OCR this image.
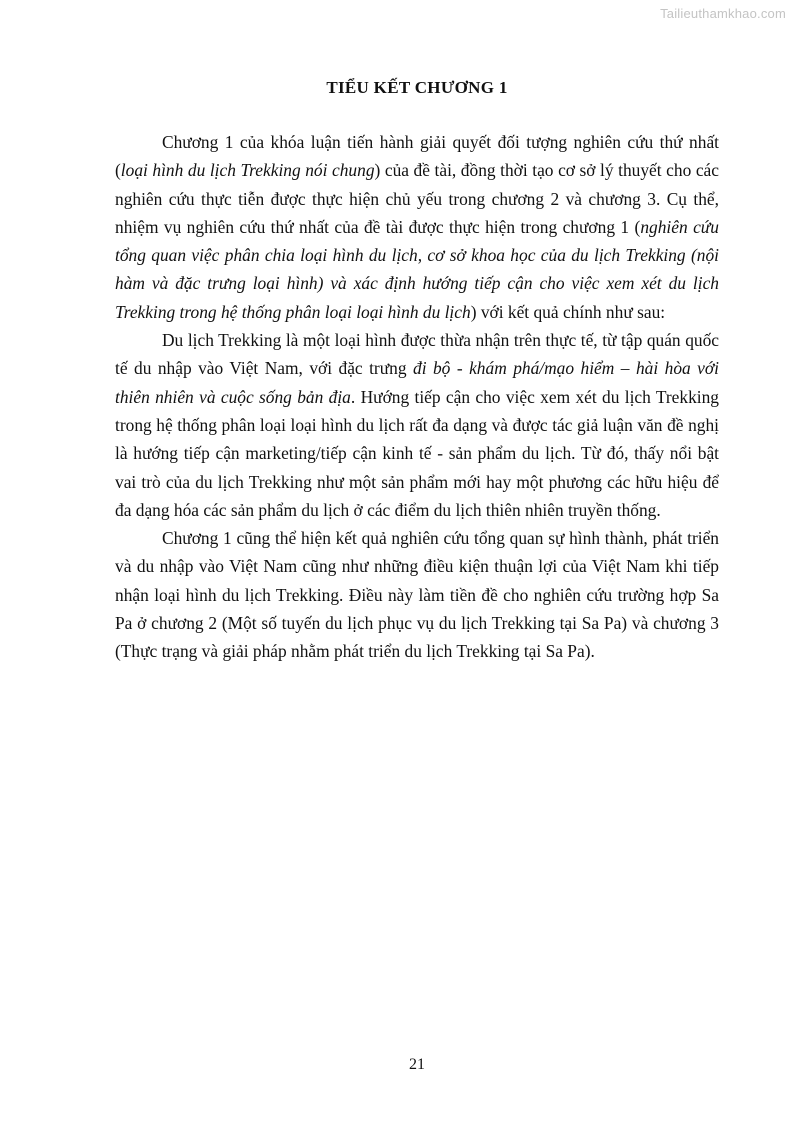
Tailieuthamkhao.com
TIỂU KẾT CHƯƠNG 1

Chương 1 của khóa luận tiến hành giải quyết đối tượng nghiên cứu thứ nhất (loại hình du lịch Trekking nói chung) của đề tài, đồng thời tạo cơ sở lý thuyết cho các nghiên cứu thực tiễn được thực hiện chủ yếu trong chương 2 và chương 3. Cụ thể, nhiệm vụ nghiên cứu thứ nhất của đề tài được thực hiện trong chương 1 (nghiên cứu tổng quan việc phân chia loại hình du lịch, cơ sở khoa học của du lịch Trekking (nội hàm và đặc trưng loại hình) và xác định hướng tiếp cận cho việc xem xét du lịch Trekking trong hệ thống phân loại loại hình du lịch) với kết quả chính như sau:

Du lịch Trekking là một loại hình được thừa nhận trên thực tế, từ tập quán quốc tế du nhập vào Việt Nam, với đặc trưng đi bộ - khám phá/mạo hiểm – hài hòa với thiên nhiên và cuộc sống bản địa. Hướng tiếp cận cho việc xem xét du lịch Trekking trong hệ thống phân loại loại hình du lịch rất đa dạng và được tác giả luận văn đề nghị là hướng tiếp cận marketing/tiếp cận kinh tế - sản phẩm du lịch. Từ đó, thấy nổi bật vai trò của du lịch Trekking như một sản phẩm mới hay một phương các hữu hiệu để đa dạng hóa các sản phẩm du lịch ở các điểm du lịch thiên nhiên truyền thống.

Chương 1 cũng thể hiện kết quả nghiên cứu tổng quan sự hình thành, phát triển và du nhập vào Việt Nam cũng như những điều kiện thuận lợi của Việt Nam khi tiếp nhận loại hình du lịch Trekking. Điều này làm tiền đề cho nghiên cứu trường hợp Sa Pa ở chương 2 (Một số tuyến du lịch phục vụ du lịch Trekking tại Sa Pa) và chương 3 (Thực trạng và giải pháp nhằm phát triển du lịch Trekking tại Sa Pa).

21
